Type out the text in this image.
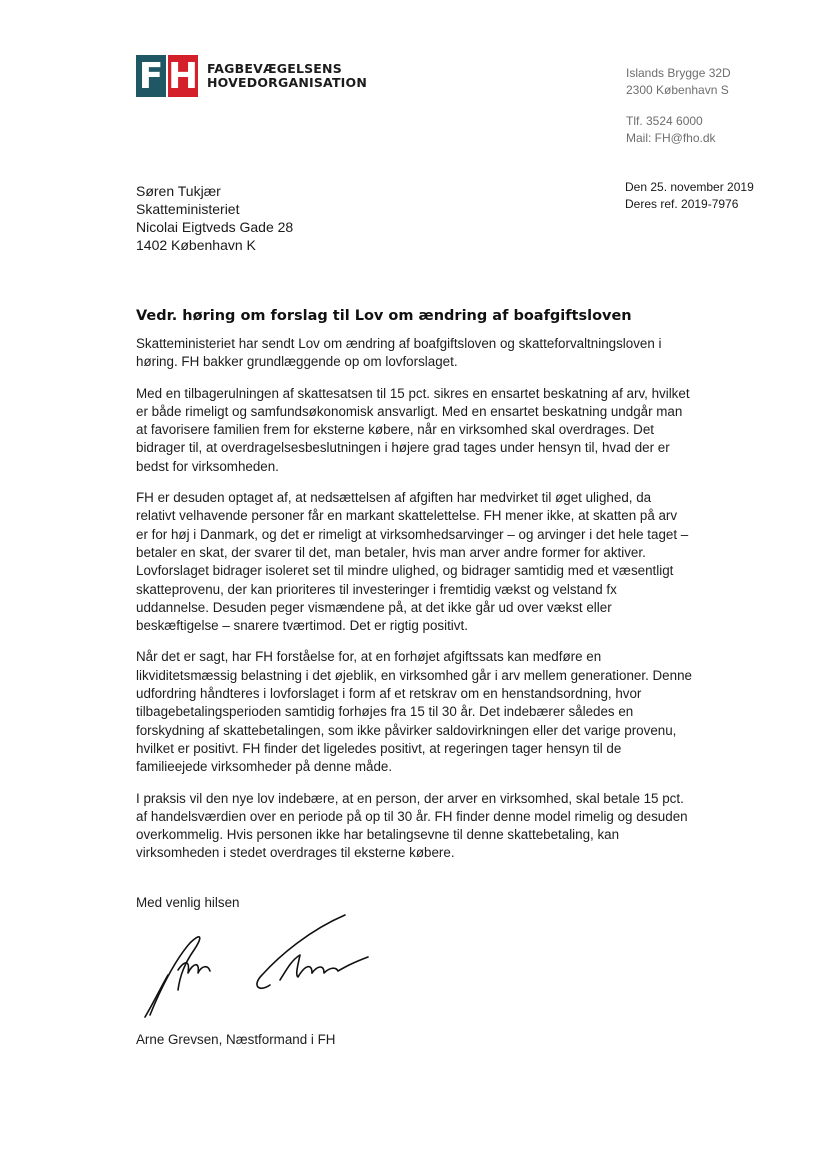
F H FAGBEVÆGELSENS
HOVEDORGANISATION
Islands Brygge 32D
2300 København S
Tlf. 3524 6000
Mail: FH@fho.dk
Søren Tukjær
Skatteministeriet
Nicolai Eigtveds Gade 28
1402 København K
Den 25. november 2019
Deres ref. 2019-7976
Vedr. høring om forslag til Lov om ændring af boafgiftsloven

Skatteministeriet har sendt Lov om ændring af boafgiftsloven og skatteforvaltningsloven i høring. FH bakker grundlæggende op om lovforslaget.

Med en tilbagerulningen af skattesatsen til 15 pct. sikres en ensartet beskatning af arv, hvilket er både rimeligt og samfundsøkonomisk ansvarligt. Med en ensartet beskatning undgår man at favorisere familien frem for eksterne købere, når en virksomhed skal overdrages. Det bidrager til, at overdragelsesbeslutningen i højere grad tages under hensyn til, hvad der er bedst for virksomheden.

FH er desuden optaget af, at nedsættelsen af afgiften har medvirket til øget ulighed, da relativt velhavende personer får en markant skattelettelse. FH mener ikke, at skatten på arv er for høj i Danmark, og det er rimeligt at virksomhedsarvinger – og arvinger i det hele taget – betaler en skat, der svarer til det, man betaler, hvis man arver andre former for aktiver. Lovforslaget bidrager isoleret set til mindre ulighed, og bidrager samtidig med et væsentligt skatteprovenu, der kan prioriteres til investeringer i fremtidig vækst og velstand fx uddannelse. Desuden peger vismændene på, at det ikke går ud over vækst eller beskæftigelse – snarere tværtimod. Det er rigtig positivt.

Når det er sagt, har FH forståelse for, at en forhøjet afgiftssats kan medføre en likviditetsmæssig belastning i det øjeblik, en virksomhed går i arv mellem generationer. Denne udfordring håndteres i lovforslaget i form af et retskrav om en henstandsordning, hvor tilbagebetalingsperioden samtidig forhøjes fra 15 til 30 år. Det indebærer således en forskydning af skattebetalingen, som ikke påvirker saldovirkningen eller det varige provenu, hvilket er positivt. FH finder det ligeledes positivt, at regeringen tager hensyn til de familieejede virksomheder på denne måde.

I praksis vil den nye lov indebære, at en person, der arver en virksomhed, skal betale 15 pct. af handelsværdien over en periode på op til 30 år. FH finder denne model rimelig og desuden overkommelig. Hvis personen ikke har betalingsevne til denne skattebetaling, kan virksomheden i stedet overdrages til eksterne købere.

Med venlig hilsen
Arne Grevsen, Næstformand i FH
